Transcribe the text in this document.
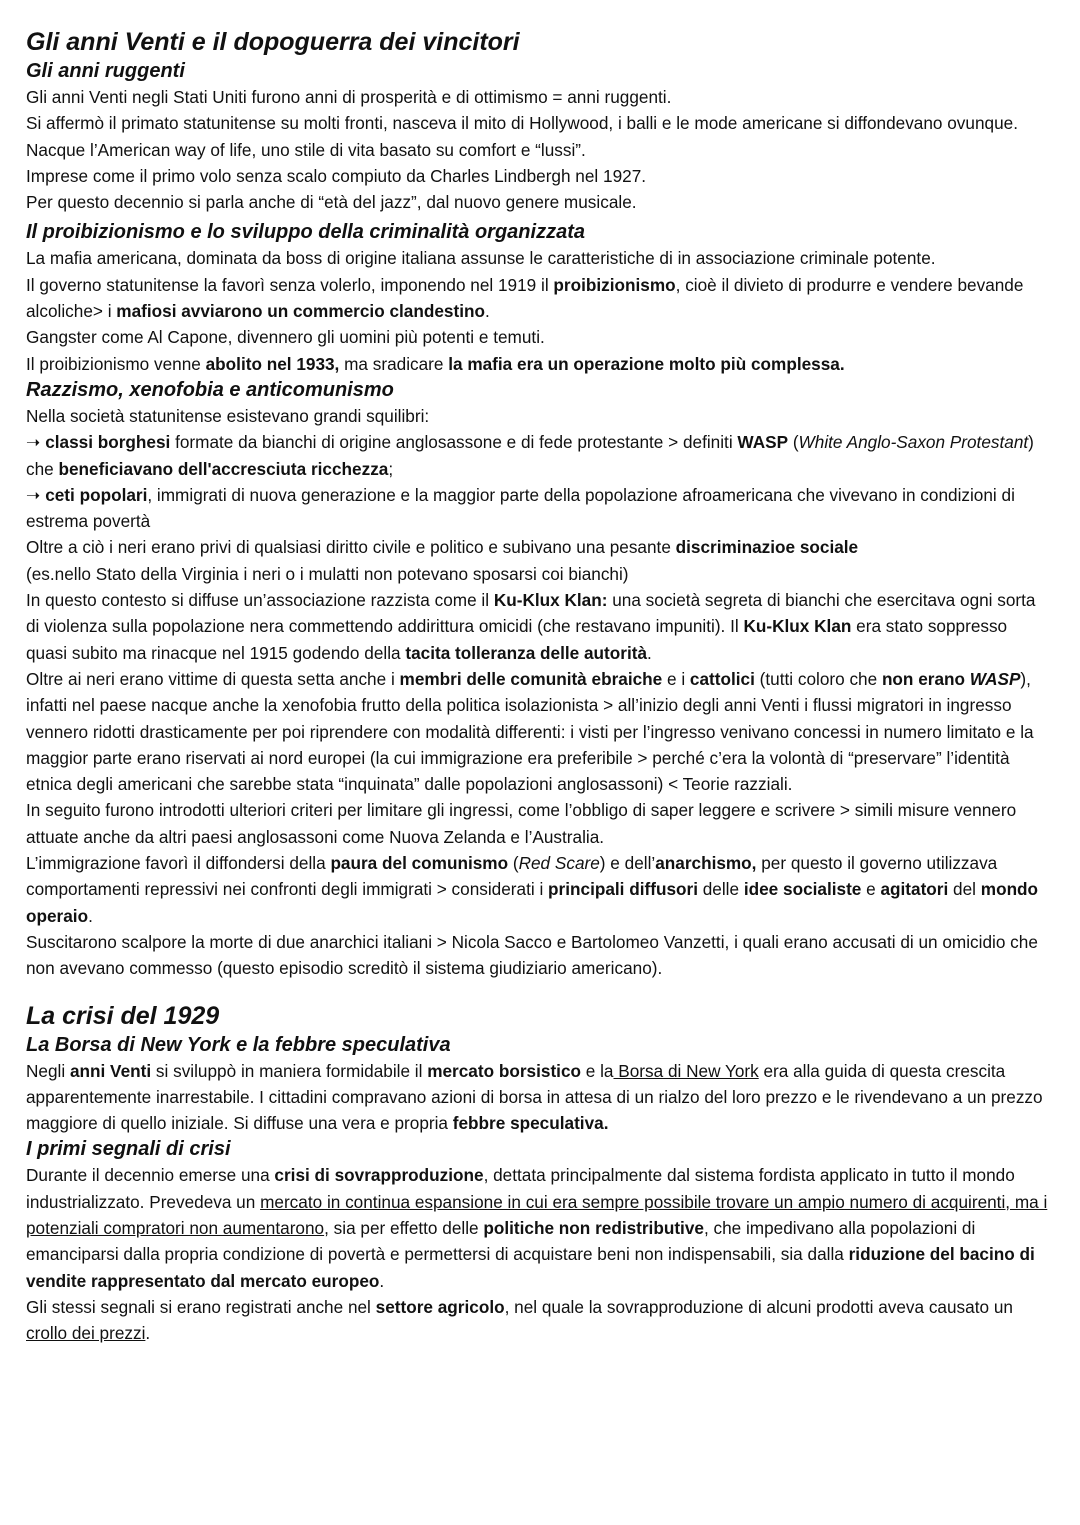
Gli anni Venti e il dopoguerra dei vincitori
Gli anni ruggenti

Gli anni Venti negli Stati Uniti furono anni di prosperità e di ottimismo = anni ruggenti.

Si affermò il primato statunitense su molti fronti, nasceva il mito di Hollywood, i balli e le mode americane si diffondevano ovunque.

Nacque l’American way of life, uno stile di vita basato su comfort e “lussi”.

Imprese come il primo volo senza scalo compiuto da Charles Lindbergh nel 1927.

Per questo decennio si parla anche di “età del jazz”, dal nuovo genere musicale.

Il proibizionismo e lo sviluppo della criminalità organizzata

La mafia americana, dominata da boss di origine italiana assunse le caratteristiche di in associazione criminale potente.

Il governo statunitense la favorì senza volerlo, imponendo nel 1919 il proibizionismo, cioè il divieto di produrre e vendere bevande alcoliche> i mafiosi avviarono un commercio clandestino.

Gangster come Al Capone, divennero gli uomini più potenti e temuti.

Il proibizionismo venne abolito nel 1933, ma sradicare la mafia era un operazione molto più complessa.

Razzismo, xenofobia e anticomunismo

Nella società statunitense esistevano grandi squilibri:

➝ classi borghesi formate da bianchi di origine anglosassone e di fede protestante > definiti WASP (White Anglo-Saxon Protestant) che beneficiavano dell'accresciuta ricchezza;

➝ ceti popolari, immigrati di nuova generazione e la maggior parte della popolazione afroamericana che vivevano in condizioni di estrema povertà

Oltre a ciò i neri erano privi di qualsiasi diritto civile e politico e subivano una pesante discriminazioe sociale
(es.nello Stato della Virginia i neri o i mulatti non potevano sposarsi coi bianchi)

In questo contesto si diffuse un’associazione razzista come il Ku-Klux Klan: una società segreta di bianchi che esercitava ogni sorta di violenza sulla popolazione nera commettendo addirittura omicidi (che restavano impuniti). Il Ku-Klux Klan era stato soppresso quasi subito ma rinacque nel 1915 godendo della tacita tolleranza delle autorità.

Oltre ai neri erano vittime di questa setta anche i membri delle comunità ebraiche e i cattolici (tutti coloro che non erano WASP), infatti nel paese nacque anche la xenofobia frutto della politica isolazionista > all’inizio degli anni Venti i flussi migratori in ingresso vennero ridotti drasticamente per poi riprendere con modalità differenti: i visti per l’ingresso venivano concessi in numero limitato e la maggior parte erano riservati ai nord europei (la cui immigrazione era preferibile > perché c’era la volontà di “preservare” l’identità etnica degli americani che sarebbe stata “inquinata” dalle popolazioni anglosassoni) < Teorie razziali.

In seguito furono introdotti ulteriori criteri per limitare gli ingressi, come l’obbligo di saper leggere e scrivere > simili misure vennero attuate anche da altri paesi anglosassoni come Nuova Zelanda e l’Australia.

L’immigrazione favorì il diffondersi della paura del comunismo (Red Scare) e dell’anarchismo, per questo il governo utilizzava comportamenti repressivi nei confronti degli immigrati > considerati i principali diffusori delle idee socialiste e agitatori del mondo operaio.

Suscitarono scalpore la morte di due anarchici italiani > Nicola Sacco e Bartolomeo Vanzetti, i quali erano accusati di un omicidio che non avevano commesso (questo episodio screditò il sistema giudiziario americano).

La crisi del 1929
La Borsa di New York e la febbre speculativa

Negli anni Venti si sviluppò in maniera formidabile il mercato borsistico e la Borsa di New York era alla guida di questa crescita apparentemente inarrestabile. I cittadini compravano azioni di borsa in attesa di un rialzo del loro prezzo e le rivendevano a un prezzo maggiore di quello iniziale. Si diffuse una vera e propria febbre speculativa.

I primi segnali di crisi

Durante il decennio emerse una crisi di sovrapproduzione, dettata principalmente dal sistema fordista applicato in tutto il mondo industrializzato. Prevedeva un mercato in continua espansione in cui era sempre possibile trovare un ampio numero di acquirenti, ma i potenziali compratori non aumentarono, sia per effetto delle politiche non redistributive, che impedivano alla popolazioni di emanciparsi dalla propria condizione di povertà e permettersi di acquistare beni non indispensabili, sia dalla riduzione del bacino di vendite rappresentato dal mercato europeo.

Gli stessi segnali si erano registrati anche nel settore agricolo, nel quale la sovrapproduzione di alcuni prodotti aveva causato un crollo dei prezzi.
